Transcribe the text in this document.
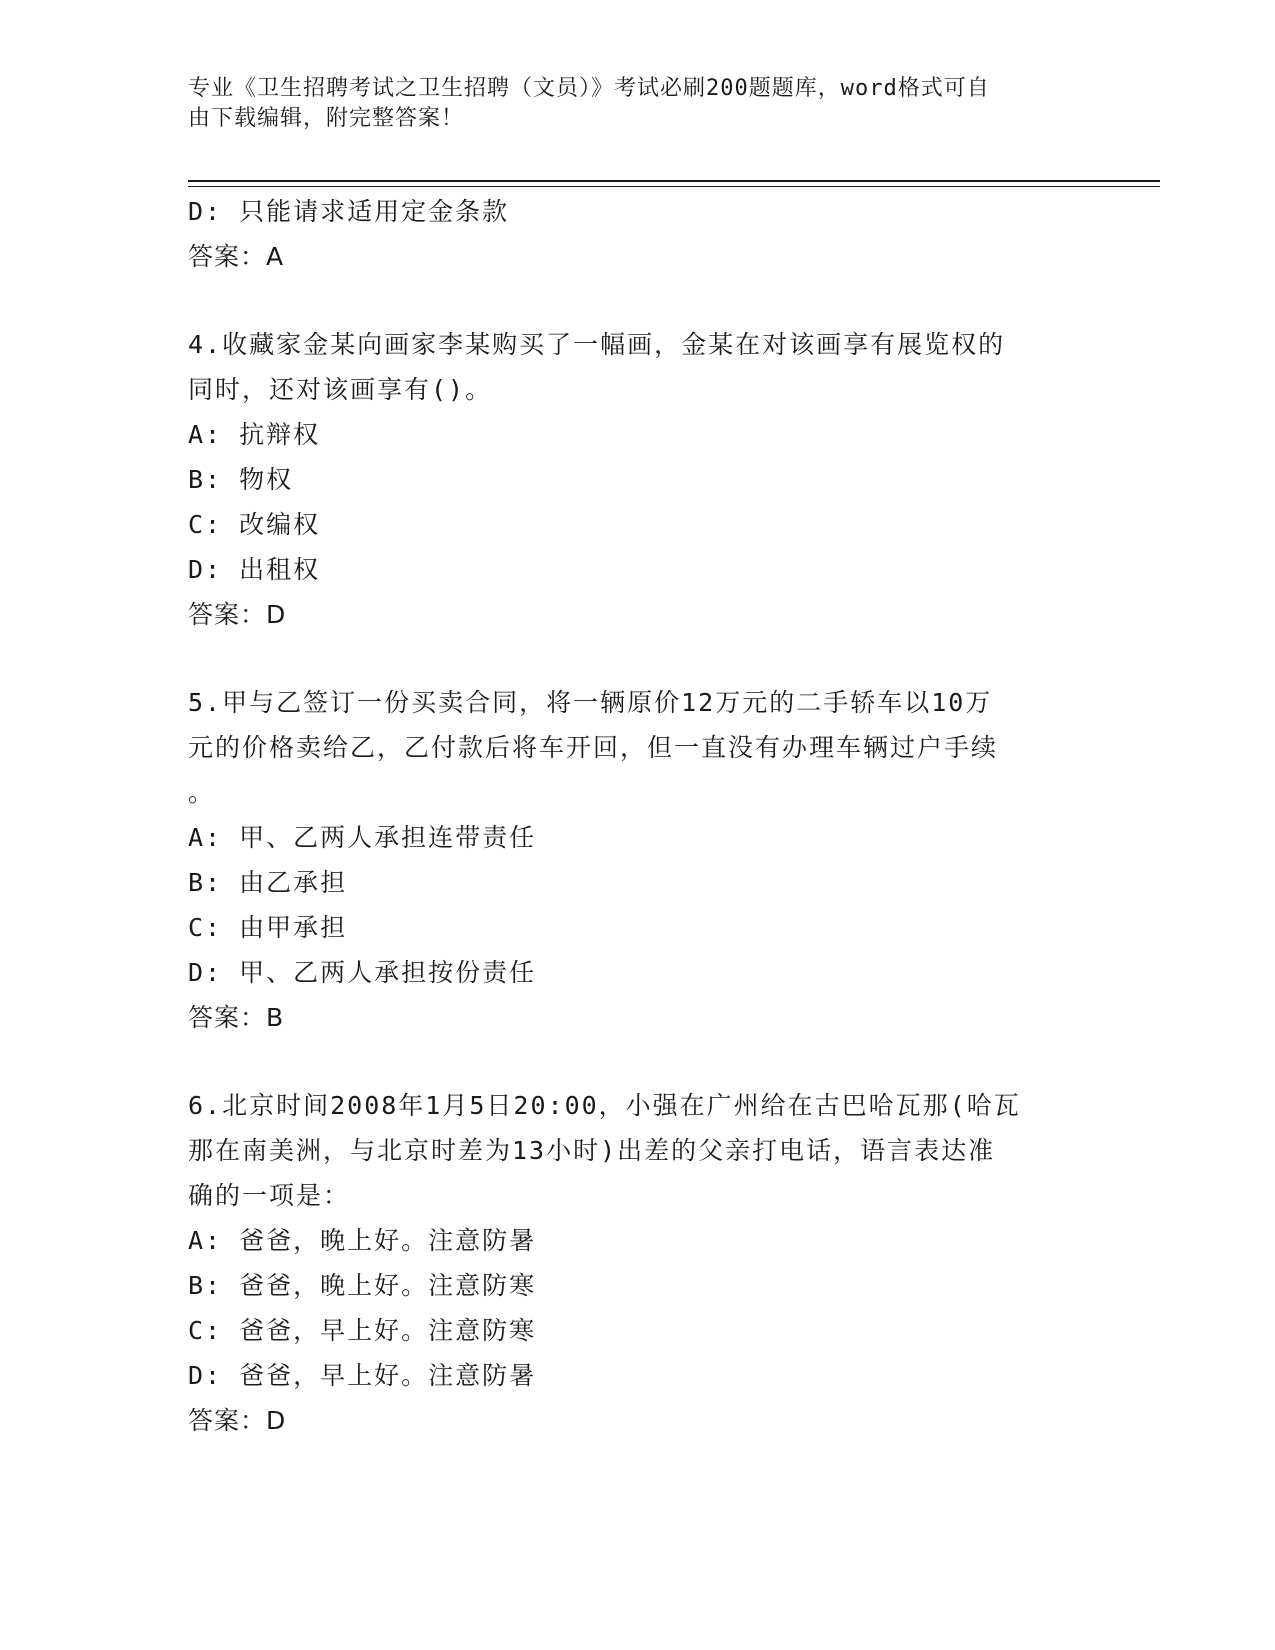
专业《卫生招聘考试之卫生招聘（文员）》考试必刷200题题库，word格式可自
由下载编辑，附完整答案！
D: 只能请求适用定金条款
答案：A
4.收藏家金某向画家李某购买了一幅画，金某在对该画享有展览权的
同时，还对该画享有()。
A: 抗辩权
B: 物权
C: 改编权
D: 出租权
答案：D
5.甲与乙签订一份买卖合同，将一辆原价12万元的二手轿车以10万
元的价格卖给乙，乙付款后将车开回，但一直没有办理车辆过户手续
。
A: 甲、乙两人承担连带责任
B: 由乙承担
C: 由甲承担
D: 甲、乙两人承担按份责任
答案：B
6.北京时间2008年1月5日20:00，小强在广州给在古巴哈瓦那(哈瓦
那在南美洲，与北京时差为13小时)出差的父亲打电话，语言表达准
确的一项是：
A: 爸爸，晚上好。注意防暑
B: 爸爸，晚上好。注意防寒
C: 爸爸，早上好。注意防寒
D: 爸爸，早上好。注意防暑
答案：D
